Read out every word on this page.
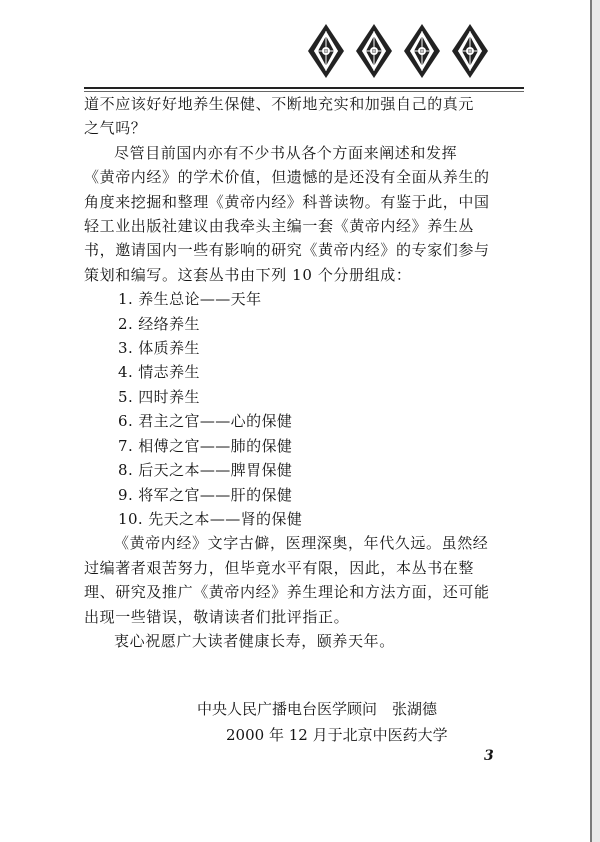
道不应该好好地养生保健、不断地充实和加强自己的真元
之气吗？
尽管目前国内亦有不少书从各个方面来阐述和发挥
《黄帝内经》的学术价值，但遗憾的是还没有全面从养生的
角度来挖掘和整理《黄帝内经》科普读物。有鉴于此，中国
轻工业出版社建议由我牵头主编一套《黄帝内经》养生丛
书，邀请国内一些有影响的研究《黄帝内经》的专家们参与
策划和编写。这套丛书由下列 10 个分册组成：
1. 养生总论——天年
2. 经络养生
3. 体质养生
4. 情志养生
5. 四时养生
6. 君主之官——心的保健
7. 相傅之官——肺的保健
8. 后天之本——脾胃保健
9. 将军之官——肝的保健
10. 先天之本——肾的保健
《黄帝内经》文字古僻，医理深奥，年代久远。虽然经
过编著者艰苦努力，但毕竟水平有限，因此，本丛书在整
理、研究及推广《黄帝内经》养生理论和方法方面，还可能
出现一些错误，敬请读者们批评指正。
衷心祝愿广大读者健康长寿，颐养天年。
中央人民广播电台医学顾问　张湖德
2000 年 12 月于北京中医药大学
3
